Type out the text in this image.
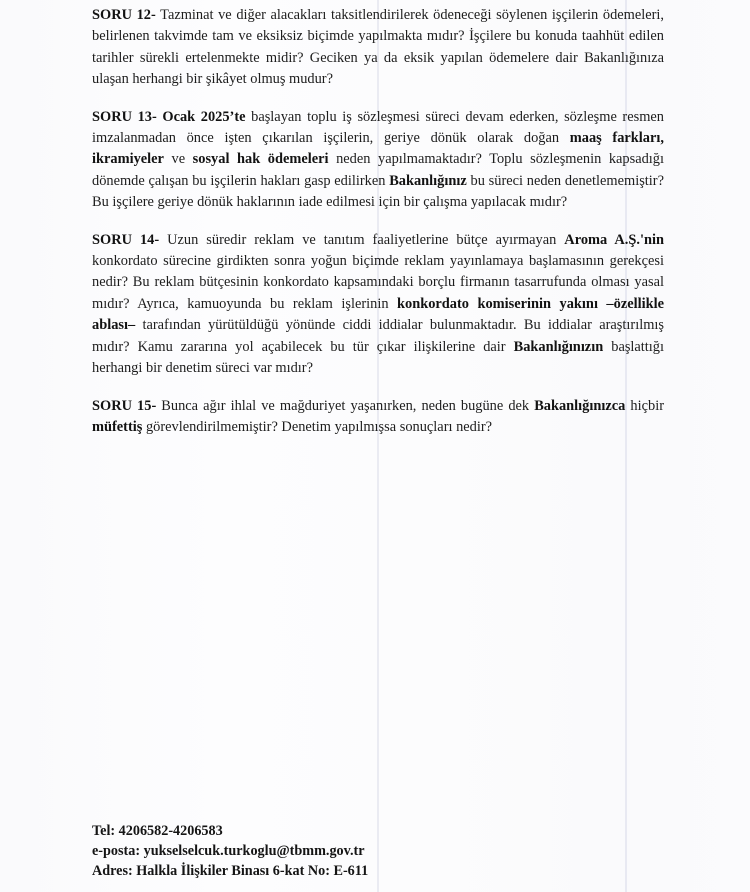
SORU 12- Tazminat ve diğer alacakları taksitlendirilerek ödeneceği söylenen işçilerin ödemeleri, belirlenen takvimde tam ve eksiksiz biçimde yapılmakta mıdır? İşçilere bu konuda taahhüt edilen tarihler sürekli ertelenmekte midir? Geciken ya da eksik yapılan ödemelere dair Bakanlığınıza ulaşan herhangi bir şikâyet olmuş mudur?

SORU 13- Ocak 2025’te başlayan toplu iş sözleşmesi süreci devam ederken, sözleşme resmen imzalanmadan önce işten çıkarılan işçilerin, geriye dönük olarak doğan maaş farkları, ikramiyeler ve sosyal hak ödemeleri neden yapılmamaktadır? Toplu sözleşmenin kapsadığı dönemde çalışan bu işçilerin hakları gasp edilirken Bakanlığınız bu süreci neden denetlememiştir? Bu işçilere geriye dönük haklarının iade edilmesi için bir çalışma yapılacak mıdır?

SORU 14- Uzun süredir reklam ve tanıtım faaliyetlerine bütçe ayırmayan Aroma A.Ş.'nin konkordato sürecine girdikten sonra yoğun biçimde reklam yayınlamaya başlamasının gerekçesi nedir? Bu reklam bütçesinin konkordato kapsamındaki borçlu firmanın tasarrufunda olması yasal mıdır? Ayrıca, kamuoyunda bu reklam işlerinin konkordato komiserinin yakını –özellikle ablası– tarafından yürütüldüğü yönünde ciddi iddialar bulunmaktadır. Bu iddialar araştırılmış mıdır? Kamu zararına yol açabilecek bu tür çıkar ilişkilerine dair Bakanlığınızın başlattığı herhangi bir denetim süreci var mıdır?

SORU 15- Bunca ağır ihlal ve mağduriyet yaşanırken, neden bugüne dek Bakanlığınızca hiçbir müfettiş görevlendirilmemiştir? Denetim yapılmışsa sonuçları nedir?

Tel: 4206582-4206583
e-posta: yukselselcuk.turkoglu@tbmm.gov.tr
Adres: Halkla İlişkiler Binası 6-kat No: E-611
